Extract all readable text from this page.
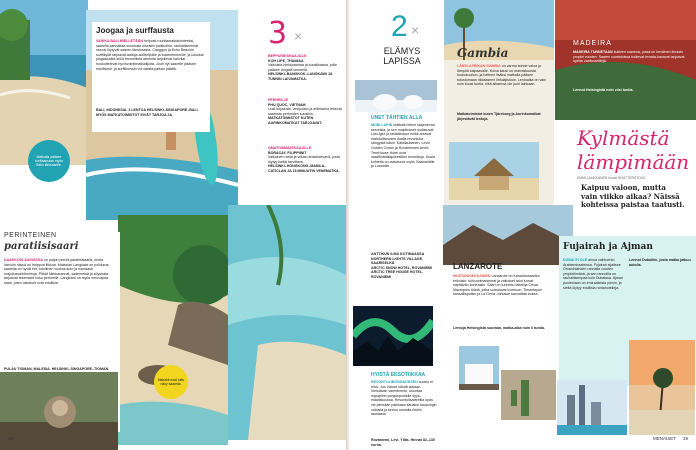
Joogaa ja surffausta
VAIKKA BALI MIELLETÄÄN helposti ruuhkamatkakohteeksi, saarella kannattaa suunnata oikeisiin paikkoihin: rauhallisemmat rannat löytyvät saaren länsiosasta. Canggun ja Echo Beachin surffikylät tarjoavat aaltoja aloittelijoille ja kokeneemmille, ja lukuisat joogastudiot sekä terveellisiä aterioita tarjoilevat kahvilat houkuttelevat hyvinvointimatkailijoita. Juuri nyt saarelle pääsee edullisesti, ja surffikurssin voi varata paikan päältä.
BALI, INDONESIA. 3 LENTOA HELSINKI–SINGAPORE–BALI. MYÖS MATKATOIMISTOT EIVÄT TARJOA JA.
Matkalla pääsee surffaamaan myös Balin lähisaarille.
PERINTEINEN
paratiisisaari
KAAKKOIS-AASIASSA on paljon pieniä paratiisisaaria, mutta harvoin niissä on helppoa liikkua. Malesian Langkawi on poikkeus: saarella on hyvät tiet, edullinen vuokra-auto ja runsaasti majoitusvaihtoehtoja. Pitkät hiekkarannat, sademetsä ja köysirata tarjoavat tekemistä koko perheelle. Langkawi on myös verovapaa saari, joten ostokset ovat edullisia.
PULAU TIOMAN, MALESIA. HELSINKI–SINGAPORE–TIOMAN.
Makakit ovat tuttu näky saarella.
3 ×
BEPPURIKSHAAJILLE
KOH LIPE, THAIMAA
Valkoista hiekkarantaa ja korallisaaria, joille pääsee longtail-veneellä.
HELSINKI–BANGKOK–LANGKAWI JA TUNNIN LAIVAMATKA.
PERHEILLE
PHU QUOC, VIETNAM
Uusi köysirata, vesipuisto ja eläintarha tekevät saaresta perheiden suosikin.
MATKATOIMISTOT KUTEN AURINKOMATKAT TARJOAVAT.
OMATOIMIMATKAAJILLE
BORACAY, FILIPPIINIT
Valkoinen ranta ja vilkas rantabulevardi, josta löytyy kaikki tarvittava.
HELSINKI–HONGKONG–MANILA–CATICLAN JA 15 MINUUTIN VENEMATKA.
28
2 ×
ELÄMYS LAPISSA
UNET TÄHTIEN ALLA
MOBI LAPIN matkailu tekee laajenevaa sesonkia, ja sen majoitukset uudistuvat. Lasi-iglut ja lasikattoiset mökit antavat mahdollisuuden ihailla revontulia sängystä käsin. Kakslauttanen, Levin Golden Crown ja Rovaniemen Arctic TreeHouse Hotel ovat maailmanlaajuisestikin tunnettuja. Uusia kohteita on avautunut myös Saariselälle ja Luostolle.
ANTTIKUN ILMA KOTIMAASSA
NORTHERN LIGHTS VILLAGE, SAARISELKÄ
ARCTIC SNOW HOTEL, ROVANIEMI
ARCTIC TREE HOUSE HOTEL, ROVANIEMI
HYISTÄ EKSOTIIKKAA
REVONTULIBONGAUKSEN suosio ei hiivu. Jos haluat nähdä taivaan loimuavan varmemmin, suuntaa napapiirin pohjoispuolelle syys–maaliskuussa. Revontulisafareilla opas vie pimeään paikkaan kauaksi kaupungin valoista ja kertoo samalla ilmiön taustasta.
Rovaniemi, Levi, Ylläs. Hinnat 82–130 euroa.
Gambia
LÄNSI-AFRIKAN GAMBIA on varma kohde valoa ja lämpöä kaipaavalle. Kuiva kausi on marraskuusta toukokuuhun, ja helteen lisäksi matkalla pääsee tutustumaan rikkaaseen lintulajistoon. Lentoaika on vain noin kuusi tuntia, eikä aikaeroa ole juuri lainkaan.
Matkatoimistot kuten Tjäreborg ja Aurinkomatkat järjestävät lentoja.
MADEIRA
MADEIRA TUNNETAAN kukkien saarena, jossa on keväinen ilmasto ympäri vuoden. Saaren vuoristoissa kulkevat levada-kanavat tarjoavat upeita vaellusreittejä.
Lennot Helsingistä noin viisi tuntia.
Kylmästä
lämpimään
EMMI LAUKKANEN Kuvat SHUTTERSTOCK
Kaipuu valoon, mutta
vain viikko aikaa? Näissä
kohteissa paistaa taatusti.
LANZAROTE
MUSTANHIEKKAINEN Lanzarote on Kanariansaarten erikoisin: tulivuorimaisemat ja valkoiset talot luovat näyttävän kontrastin. Saari on tunnettu taiteilija César Manriquen töistä, jotka sulautuvat luontoon. Timanfayan kansallispuisto ja La Geria -viinialue kannattaa kokea.
Lentoja Helsingistä suoraan, matka-aika noin 6 tuntia.
Fujairah ja Ajman
DUBAI EI OLE ainoa vaihtoehto Arabiemiraateissa. Fujairah sijaitsee Omaninlahden rannalla vuorten ympäröimänä, ja sen rannoilla on rauhallisempaa kuin Dubaissa. Ajman puolestaan on emiraateista pienin, ja sieltä löytyy edullisia rantahotelleja.
Lennot Dubaihin, josta matka jatkuu autolla.
MENAISET 29
